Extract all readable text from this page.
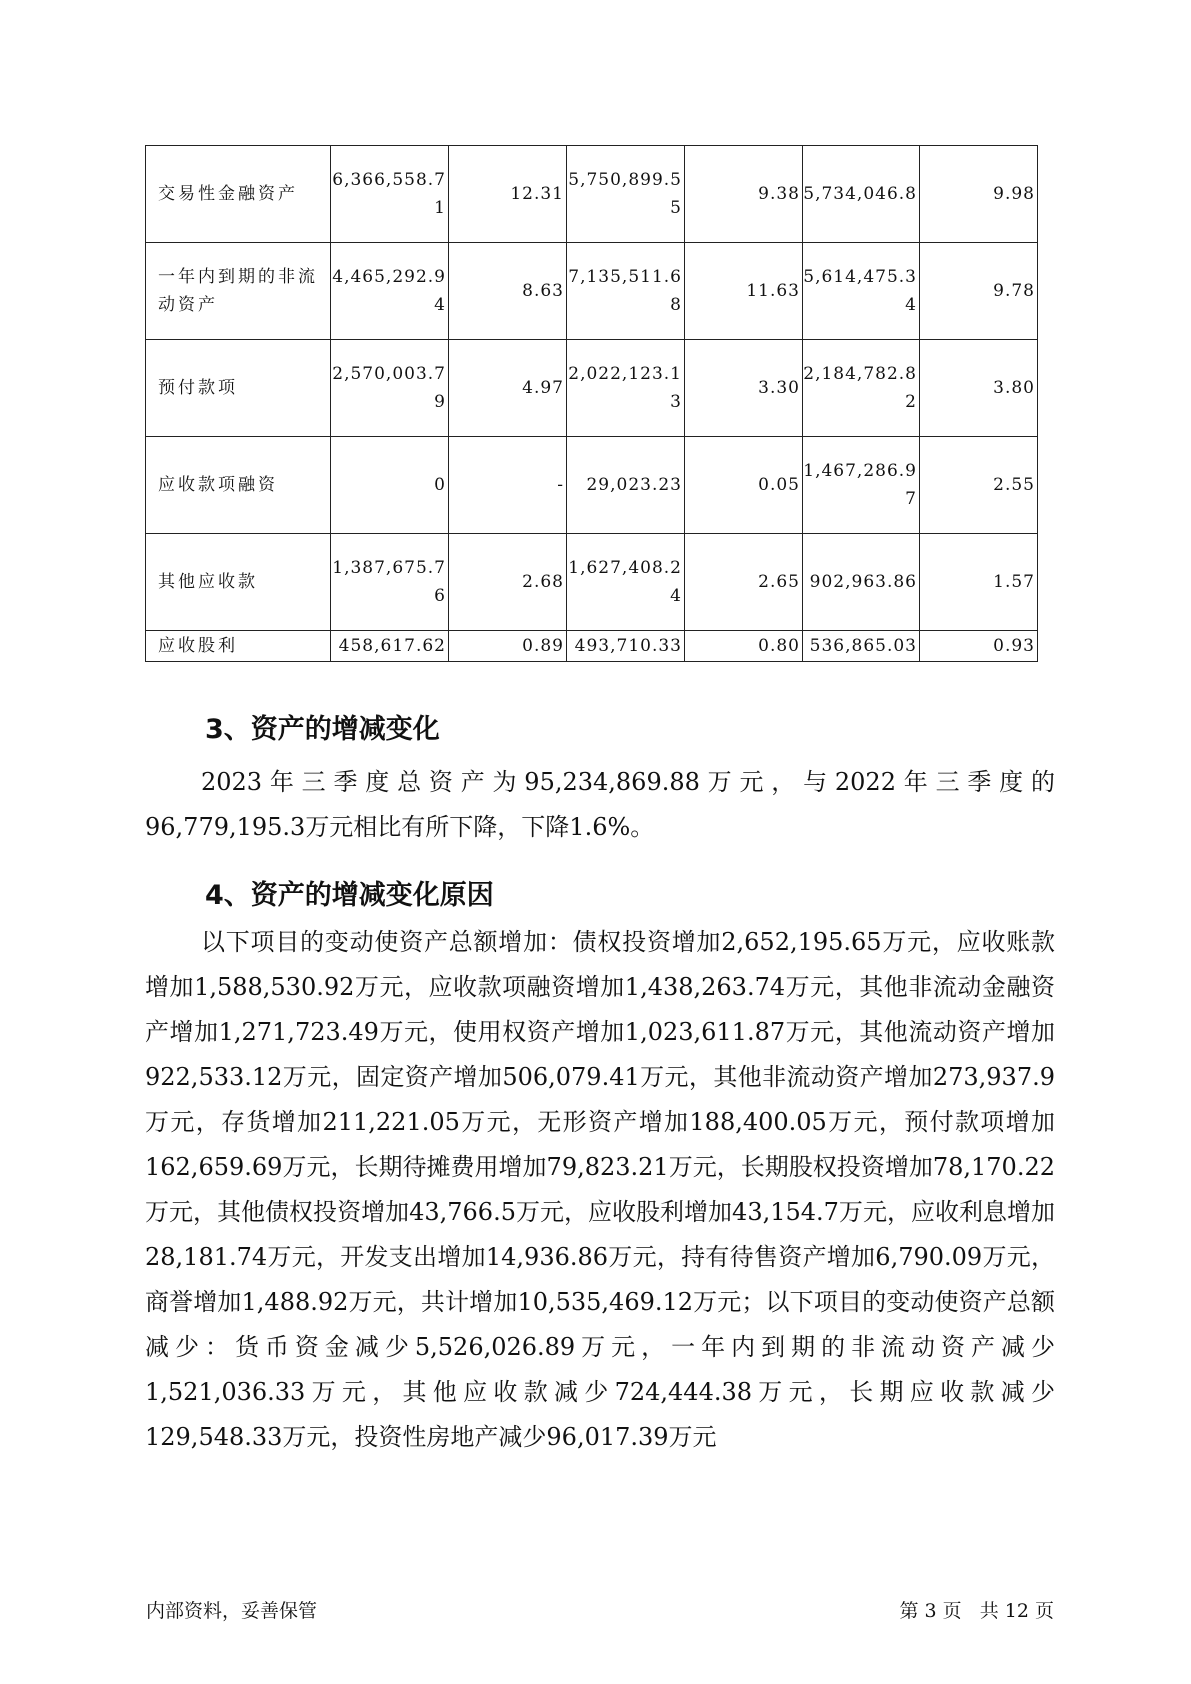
交易性金融资产	6,366,558.71	12.31	5,750,899.55	9.38	5,734,046.8	9.98
一年内到期的非流动资产	4,465,292.94	8.63	7,135,511.68	11.63	5,614,475.34	9.78
预付款项	2,570,003.79	4.97	2,022,123.13	3.30	2,184,782.82	3.80
应收款项融资	0	-	29,023.23	0.05	1,467,286.97	2.55
其他应收款	1,387,675.76	2.68	1,627,408.24	2.65	902,963.86	1.57
应收股利	458,617.62	0.89	493,710.33	0.80	536,865.03	0.93
3、资产的增减变化

2023年三季度总资产为95,234,869.88万元，与2022年三季度的96,779,195.3万元相比有所下降，下降1.6%。

4、资产的增减变化原因

以下项目的变动使资产总额增加：债权投资增加2,652,195.65万元，应收账款增加1,588,530.92万元，应收款项融资增加1,438,263.74万元，其他非流动金融资产增加1,271,723.49万元，使用权资产增加1,023,611.87万元，其他流动资产增加922,533.12万元，固定资产增加506,079.41万元，其他非流动资产增加273,937.9万元，存货增加211,221.05万元，无形资产增加188,400.05万元，预付款项增加162,659.69万元，长期待摊费用增加79,823.21万元，长期股权投资增加78,170.22万元，其他债权投资增加43,766.5万元，应收股利增加43,154.7万元，应收利息增加28,181.74万元，开发支出增加14,936.86万元，持有待售资产增加6,790.09万元，商誉增加1,488.92万元，共计增加10,535,469.12万元；以下项目的变动使资产总额减少：货币资金减少5,526,026.89万元，一年内到期的非流动资产减少1,521,036.33万元，其他应收款减少724,444.38万元，长期应收款减少129,548.33万元，投资性房地产减少96,017.39万元

内部资料，妥善保管	第 3 页   共 12 页
